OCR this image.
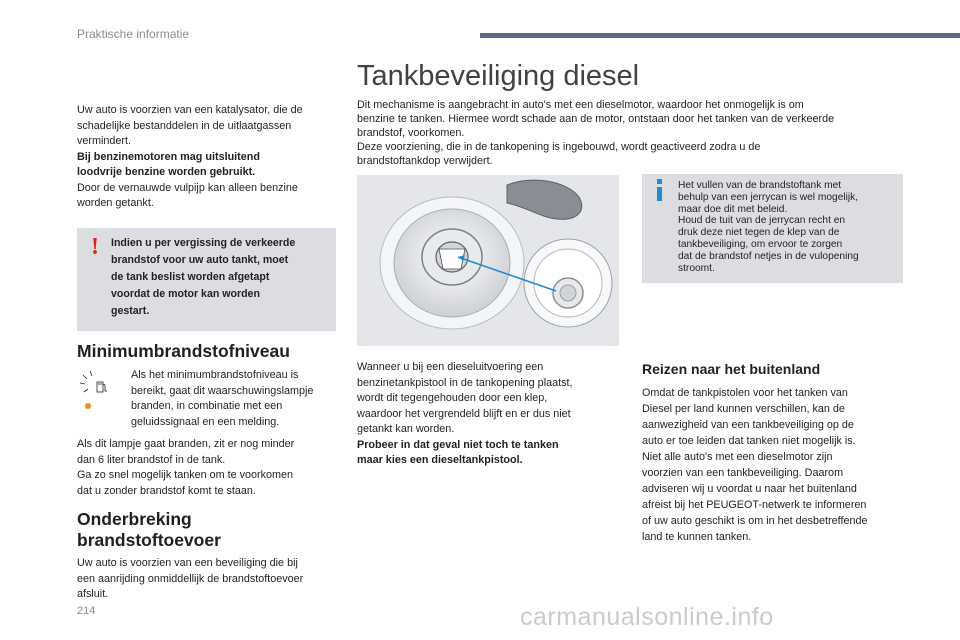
Praktische informatie

Uw auto is voorzien van een katalysator, die de

schadelijke bestanddelen in de uitlaatgassen

vermindert.

Bij benzinemotoren mag uitsluitend

loodvrije benzine worden gebruikt.

Door de vernauwde vulpijp kan alleen benzine

worden getankt.

! Indien u per vergissing de verkeerde
brandstof voor uw auto tankt, moet
de tank beslist worden afgetapt
voordat de motor kan worden
gestart.

Minimumbrandstofniveau

Als het minimumbrandstofniveau is

bereikt, gaat dit waarschuwingslampje

branden, in combinatie met een

geluidssignaal en een melding.

Als dit lampje gaat branden, zit er nog minder

dan 6 liter brandstof in de tank.

Ga zo snel mogelijk tanken om te voorkomen

dat u zonder brandstof komt te staan.

Onderbreking

brandstoftoevoer

Uw auto is voorzien van een beveiliging die bij

een aanrijding onmiddellijk de brandstoftoevoer

afsluit.

Tankbeveiliging diesel

Dit mechanisme is aangebracht in auto's met een dieselmotor, waardoor het onmogelijk is om

benzine te tanken. Hiermee wordt schade aan de motor, ontstaan door het tanken van de verkeerde

brandstof, voorkomen.

Deze voorziening, die in de tankopening is ingebouwd, wordt geactiveerd zodra u de

brandstoftankdop verwijdert.

Het vullen van de brandstoftank met
behulp van een jerrycan is wel mogelijk,
maar doe dit met beleid.
Houd de tuit van de jerrycan recht en
druk deze niet tegen de klep van de
tankbeveiliging, om ervoor te zorgen
dat de brandstof netjes in de vulopening
stroomt.

Wanneer u bij een dieseluitvoering een

benzinetankpistool in de tankopening plaatst,

wordt dit tegengehouden door een klep,

waardoor het vergrendeld blijft en er dus niet

getankt kan worden.

Probeer in dat geval niet toch te tanken

maar kies een dieseltankpistool.

Reizen naar het buitenland

Omdat de tankpistolen voor het tanken van

Diesel per land kunnen verschillen, kan de

aanwezigheid van een tankbeveiliging op de

auto er toe leiden dat tanken niet mogelijk is.

Niet alle auto's met een dieselmotor zijn

voorzien van een tankbeveiliging. Daarom

adviseren wij u voordat u naar het buitenland

afreist bij het PEUGEOT-netwerk te informeren

of uw auto geschikt is om in het desbetreffende

land te kunnen tanken.

214	carmanualsonline.info
